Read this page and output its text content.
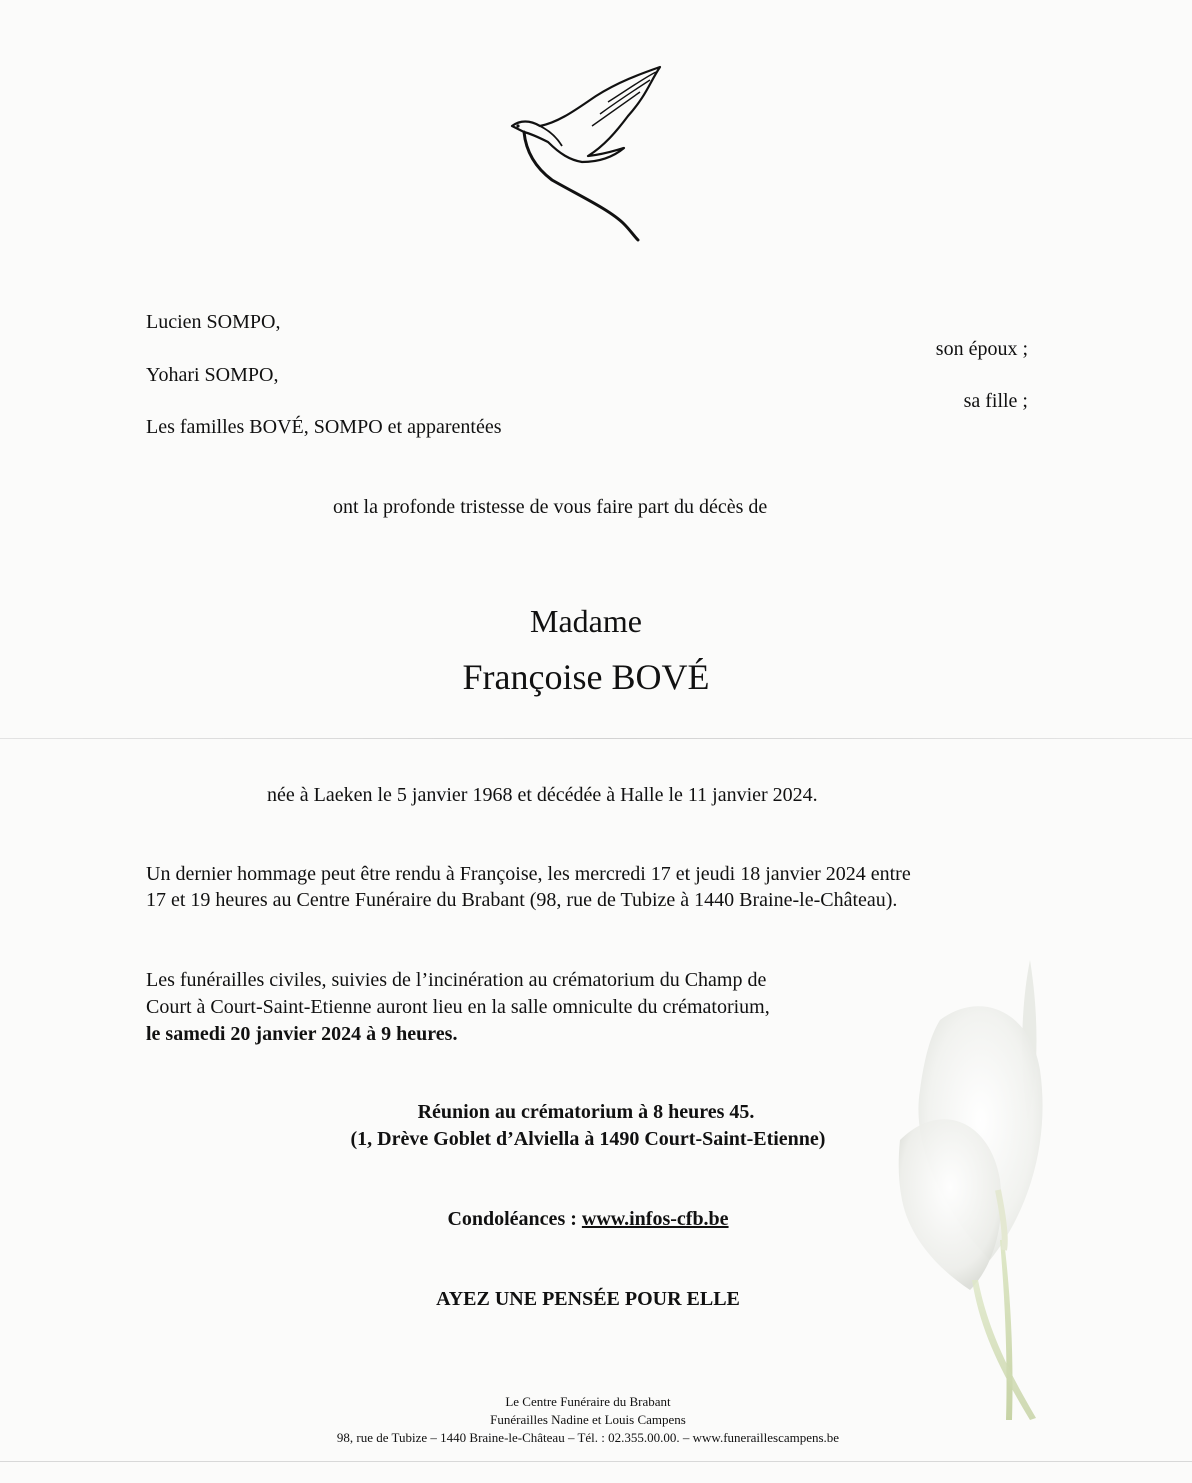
Lucien SOMPO,
son époux ;
Yohari SOMPO,
sa fille ;
Les familles BOVÉ, SOMPO et apparentées
ont la profonde tristesse de vous faire part du décès de
Madame
Françoise BOVÉ
née à Laeken le 5 janvier 1968 et décédée à Halle le 11 janvier 2024.
Un dernier hommage peut être rendu à Françoise, les mercredi 17 et jeudi 18 janvier 2024 entre
17 et 19 heures au Centre Funéraire du Brabant (98, rue de Tubize à 1440 Braine-le-Château).
Les funérailles civiles, suivies de l’incinération au crématorium du Champ de
Court à Court-Saint-Etienne auront lieu en la salle omniculte du crématorium,
le samedi 20 janvier 2024 à 9 heures.
Réunion au crématorium à 8 heures 45.
(1, Drève Goblet d’Alviella à 1490 Court-Saint-Etienne)
Condoléances : www.infos-cfb.be
AYEZ UNE PENSÉE POUR ELLE
Le Centre Funéraire du Brabant
Funérailles Nadine et Louis Campens
98, rue de Tubize – 1440 Braine-le-Château – Tél. : 02.355.00.00. – www.funeraillescampens.be
